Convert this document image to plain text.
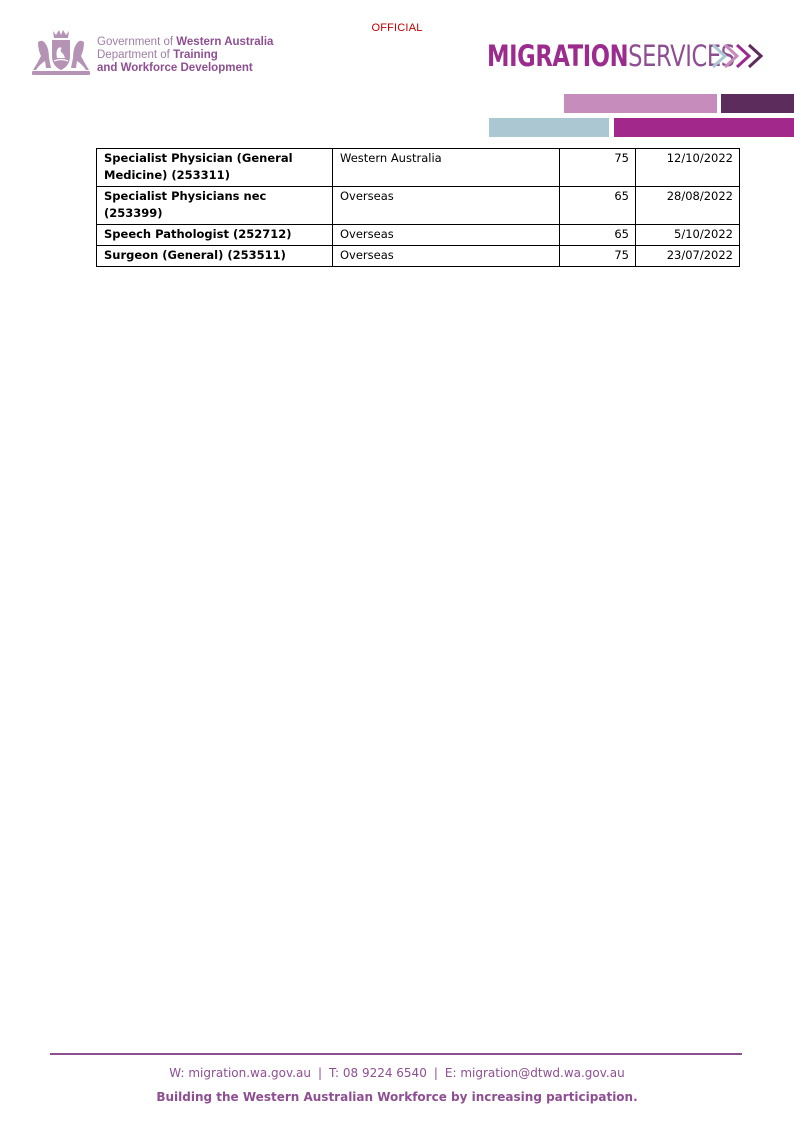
OFFICIAL
Government of Western Australia
Department of Training
and Workforce Development	MIGRATIONSERVICES
Specialist Physician (General Medicine) (253311)	Western Australia	75	12/10/2022
Specialist Physicians nec (253399)	Overseas	65	28/08/2022
Speech Pathologist (252712)	Overseas	65	5/10/2022
Surgeon (General) (253511)	Overseas	75	23/07/2022
W: migration.wa.gov.au | T: 08 9224 6540 | E: migration@dtwd.wa.gov.au
Building the Western Australian Workforce by increasing participation.
